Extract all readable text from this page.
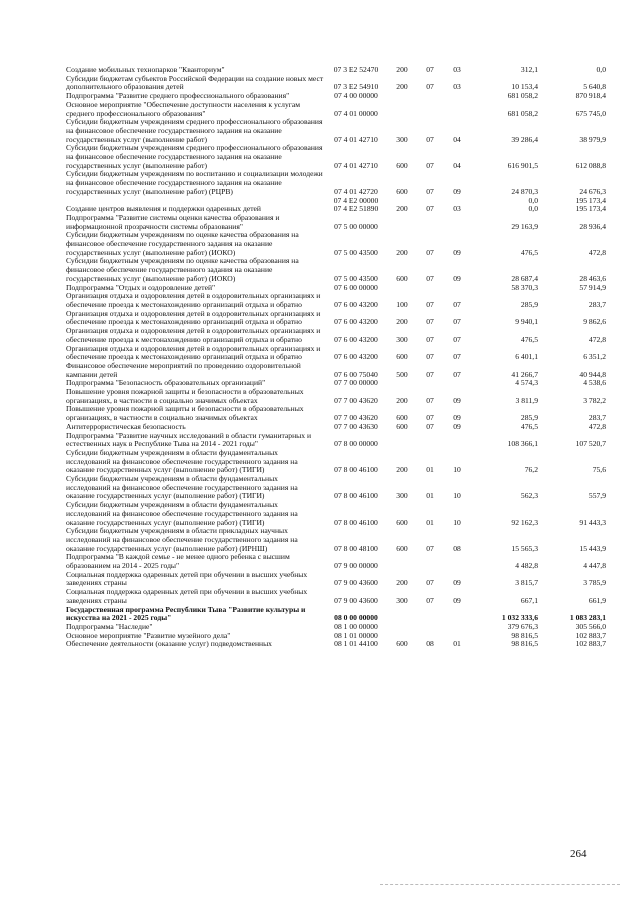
Создание мобильных технопарков "Кванториум"	07 3 E2 52470	200	07	03	312,1	0,0
Субсидии бюджетам субъектов Российской Федерации на создание новых мест дополнительного образования детей	07 3 E2 54910	200	07	03	10 153,4	5 640,8
Подпрограмма "Развитие среднего профессионального образования"	07 4 00 00000				681 058,2	870 918,4
Основное мероприятие "Обеспечение доступности населения к услугам среднего профессионального образования"	07 4 01 00000				681 058,2	675 745,0
Субсидии бюджетным учреждениям среднего профессионального образования на финансовое обеспечение государственного задания на оказание государственных услуг (выполнение работ)	07 4 01 42710	300	07	04	39 286,4	38 979,9
Субсидии бюджетным учреждениям среднего профессионального образования на финансовое обеспечение государственного задания на оказание государственных услуг (выполнение работ)	07 4 01 42710	600	07	04	616 901,5	612 088,8
Субсидии бюджетным учреждениям по воспитанию и социализации молодежи на финансовое обеспечение государственного задания на оказание государственных услуг (выполнение работ) (РЦРВ)	07 4 01 42720	600	07	09	24 870,3	24 676,3
	07 4 E2 00000				0,0	195 173,4
Создание центров выявления и поддержки одаренных детей	07 4 E2 51890	200	07	03	0,0	195 173,4
Подпрограмма "Развитие системы оценки качества образования и информационной прозрачности системы образования"	07 5 00 00000				29 163,9	28 936,4
Субсидии бюджетным учреждениям по оценке качества образования на финансовое обеспечение государственного задания на оказание государственных услуг (выполнение работ) (ИОКО)	07 5 00 43500	200	07	09	476,5	472,8
Субсидии бюджетным учреждениям по оценке качества образования на финансовое обеспечение государственного задания на оказание государственных услуг (выполнение работ) (ИОКО)	07 5 00 43500	600	07	09	28 687,4	28 463,6
Подпрограмма "Отдых и оздоровление детей"	07 6 00 00000				58 370,3	57 914,9
Организация отдыха и оздоровления детей в оздоровительных организациях и обеспечение проезда к местонахождению организаций отдыха и обратно	07 6 00 43200	100	07	07	285,9	283,7
Организация отдыха и оздоровления детей в оздоровительных организациях и обеспечение проезда к местонахождению организаций отдыха и обратно	07 6 00 43200	200	07	07	9 940,1	9 862,6
Организация отдыха и оздоровления детей в оздоровительных организациях и обеспечение проезда к местонахождению организаций отдыха и обратно	07 6 00 43200	300	07	07	476,5	472,8
Организация отдыха и оздоровления детей в оздоровительных организациях и обеспечение проезда к местонахождению организаций отдыха и обратно	07 6 00 43200	600	07	07	6 401,1	6 351,2
Финансовое обеспечение мероприятий по проведению оздоровительной кампании детей	07 6 00 75040	500	07	07	41 266,7	40 944,8
Подпрограмма "Безопасность образовательных организаций"	07 7 00 00000				4 574,3	4 538,6
Повышение уровня пожарной защиты и безопасности в образовательных организациях, в частности в социально значимых объектах	07 7 00 43620	200	07	09	3 811,9	3 782,2
Повышение уровня пожарной защиты и безопасности в образовательных организациях, в частности в социально значимых объектах	07 7 00 43620	600	07	09	285,9	283,7
Антитеррористическая безопасность	07 7 00 43630	600	07	09	476,5	472,8
Подпрограмма "Развитие научных исследований в области гуманитарных и естественных наук в Республике Тыва на 2014 - 2021 годы"	07 8 00 00000				108 366,1	107 520,7
Субсидии бюджетным учреждениям в области фундаментальных исследований на финансовое обеспечение государственного задания на оказание государственных услуг (выполнение работ) (ТИГИ)	07 8 00 46100	200	01	10	76,2	75,6
Субсидии бюджетным учреждениям в области фундаментальных исследований на финансовое обеспечение государственного задания на оказание государственных услуг (выполнение работ) (ТИГИ)	07 8 00 46100	300	01	10	562,3	557,9
Субсидии бюджетным учреждениям в области фундаментальных исследований на финансовое обеспечение государственного задания на оказание государственных услуг (выполнение работ) (ТИГИ)	07 8 00 46100	600	01	10	92 162,3	91 443,3
Субсидии бюджетным учреждениям в области прикладных научных исследований на финансовое обеспечение государственного задания на оказание государственных услуг (выполнение работ) (ИРНШ)	07 8 00 48100	600	07	08	15 565,3	15 443,9
Подпрограмма "В каждой семье - не менее одного ребенка с высшим образованием на 2014 - 2025 годы"	07 9 00 00000				4 482,8	4 447,8
Социальная поддержка одаренных детей при обучении в высших учебных заведениях страны	07 9 00 43600	200	07	09	3 815,7	3 785,9
Социальная поддержка одаренных детей при обучении в высших учебных заведениях страны	07 9 00 43600	300	07	09	667,1	661,9
Государственная программа Республики Тыва "Развитие культуры и искусства на 2021 - 2025 годы"	08 0 00 00000				1 032 333,6	1 083 283,1
Подпрограмма "Наследие"	08 1 00 00000				379 676,3	305 566,0
Основное мероприятие "Развитие музейного дела"	08 1 01 00000				98 816,5	102 883,7
Обеспечение деятельности (оказание услуг) подведомственных	08 1 01 44100	600	08	01	98 816,5	102 883,7
264
